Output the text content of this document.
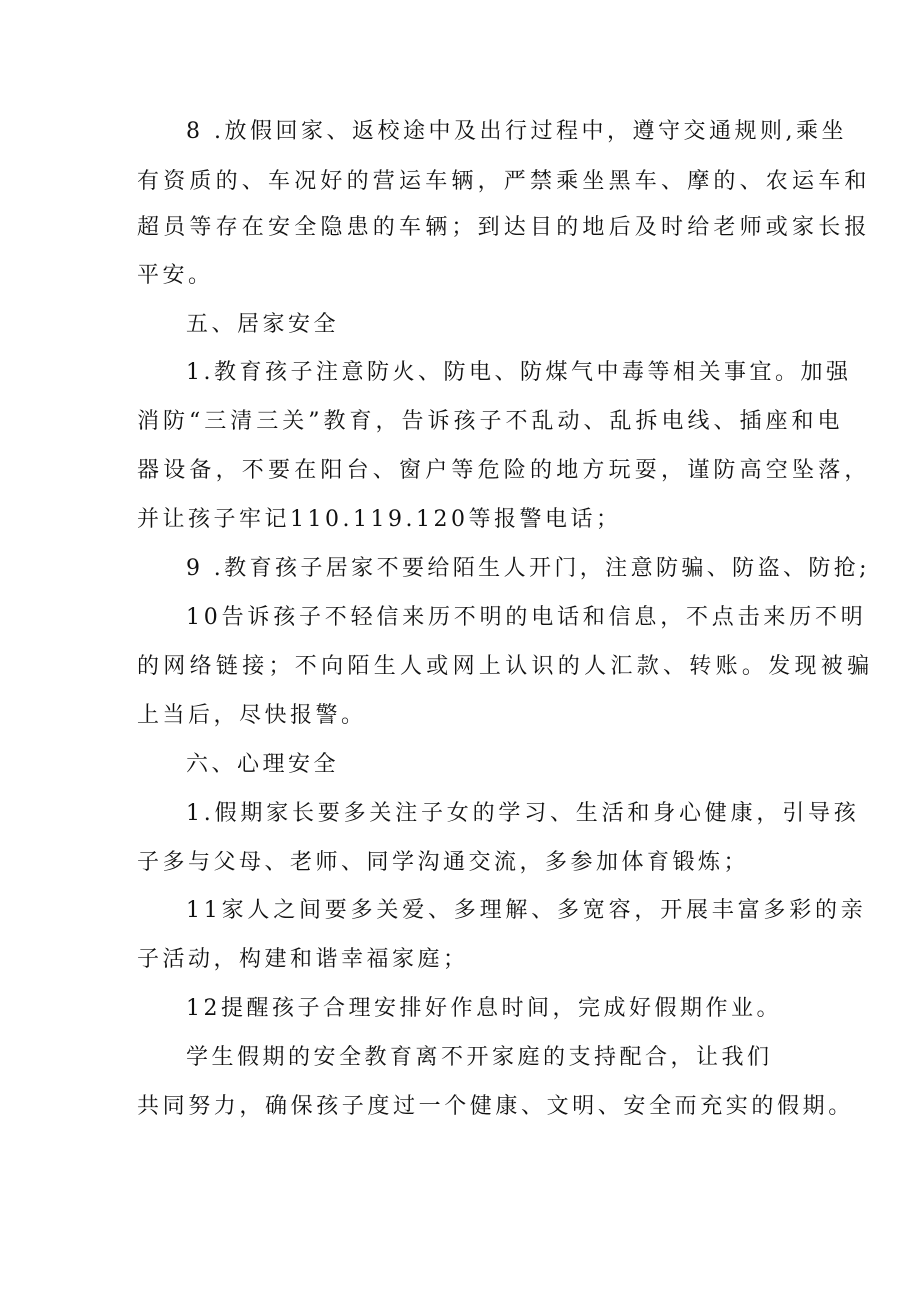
8 .放假回家、返校途中及出行过程中，遵守交通规则,乘坐
有资质的、车况好的营运车辆，严禁乘坐黑车、摩的、农运车和
超员等存在安全隐患的车辆；到达目的地后及时给老师或家长报
平安。
五、居家安全
1.教育孩子注意防火、防电、防煤气中毒等相关事宜。加强
消防“三清三关”教育，告诉孩子不乱动、乱拆电线、插座和电
器设备，不要在阳台、窗户等危险的地方玩耍，谨防高空坠落，
并让孩子牢记110.119.120等报警电话；
9 .教育孩子居家不要给陌生人开门，注意防骗、防盗、防抢;
10告诉孩子不轻信来历不明的电话和信息，不点击来历不明
的网络链接；不向陌生人或网上认识的人汇款、转账。发现被骗
上当后，尽快报警。
六、心理安全
1.假期家长要多关注子女的学习、生活和身心健康，引导孩
子多与父母、老师、同学沟通交流，多参加体育锻炼；
11家人之间要多关爱、多理解、多宽容，开展丰富多彩的亲
子活动，构建和谐幸福家庭；
12提醒孩子合理安排好作息时间，完成好假期作业。
学生假期的安全教育离不开家庭的支持配合，让我们
共同努力，确保孩子度过一个健康、文明、安全而充实的假期。
